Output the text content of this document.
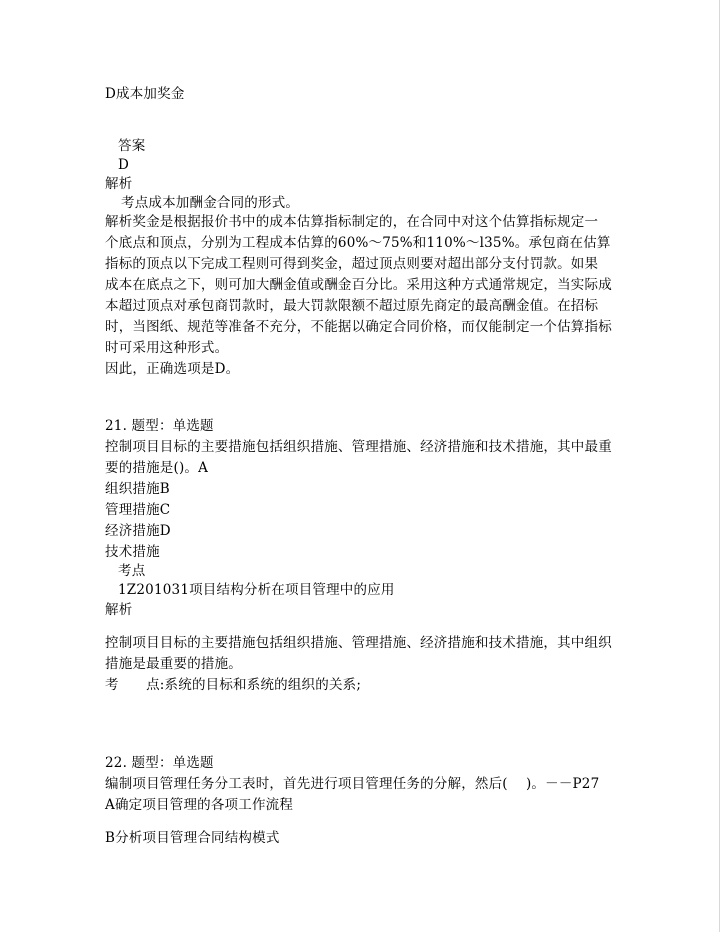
D成本加奖金
答案
D
解析
考点成本加酬金合同的形式。
解析奖金是根据报价书中的成本估算指标制定的，在合同中对这个估算指标规定一
个底点和顶点，分别为工程成本估算的60%～75%和110%～l35%。承包商在估算
指标的顶点以下完成工程则可得到奖金，超过顶点则要对超出部分支付罚款。如果
成本在底点之下，则可加大酬金值或酬金百分比。采用这种方式通常规定，当实际成
本超过顶点对承包商罚款时，最大罚款限额不超过原先商定的最高酬金值。在招标
时，当图纸、规范等准备不充分，不能据以确定合同价格，而仅能制定一个估算指标
时可采用这种形式。
因此，正确选项是D。
21. 题型：单选题
控制项目目标的主要措施包括组织措施、管理措施、经济措施和技术措施，其中最重
要的措施是()。A
组织措施B
管理措施C
经济措施D
技术措施
考点
1Z201031项目结构分析在项目管理中的应用
解析
控制项目目标的主要措施包括组织措施、管理措施、经济措施和技术措施，其中组织
措施是最重要的措施。
考　　点:系统的目标和系统的组织的关系;
22. 题型：单选题
编制项目管理任务分工表时，首先进行项目管理任务的分解，然后(　 )。－－P27
A确定项目管理的各项工作流程
B分析项目管理合同结构模式
